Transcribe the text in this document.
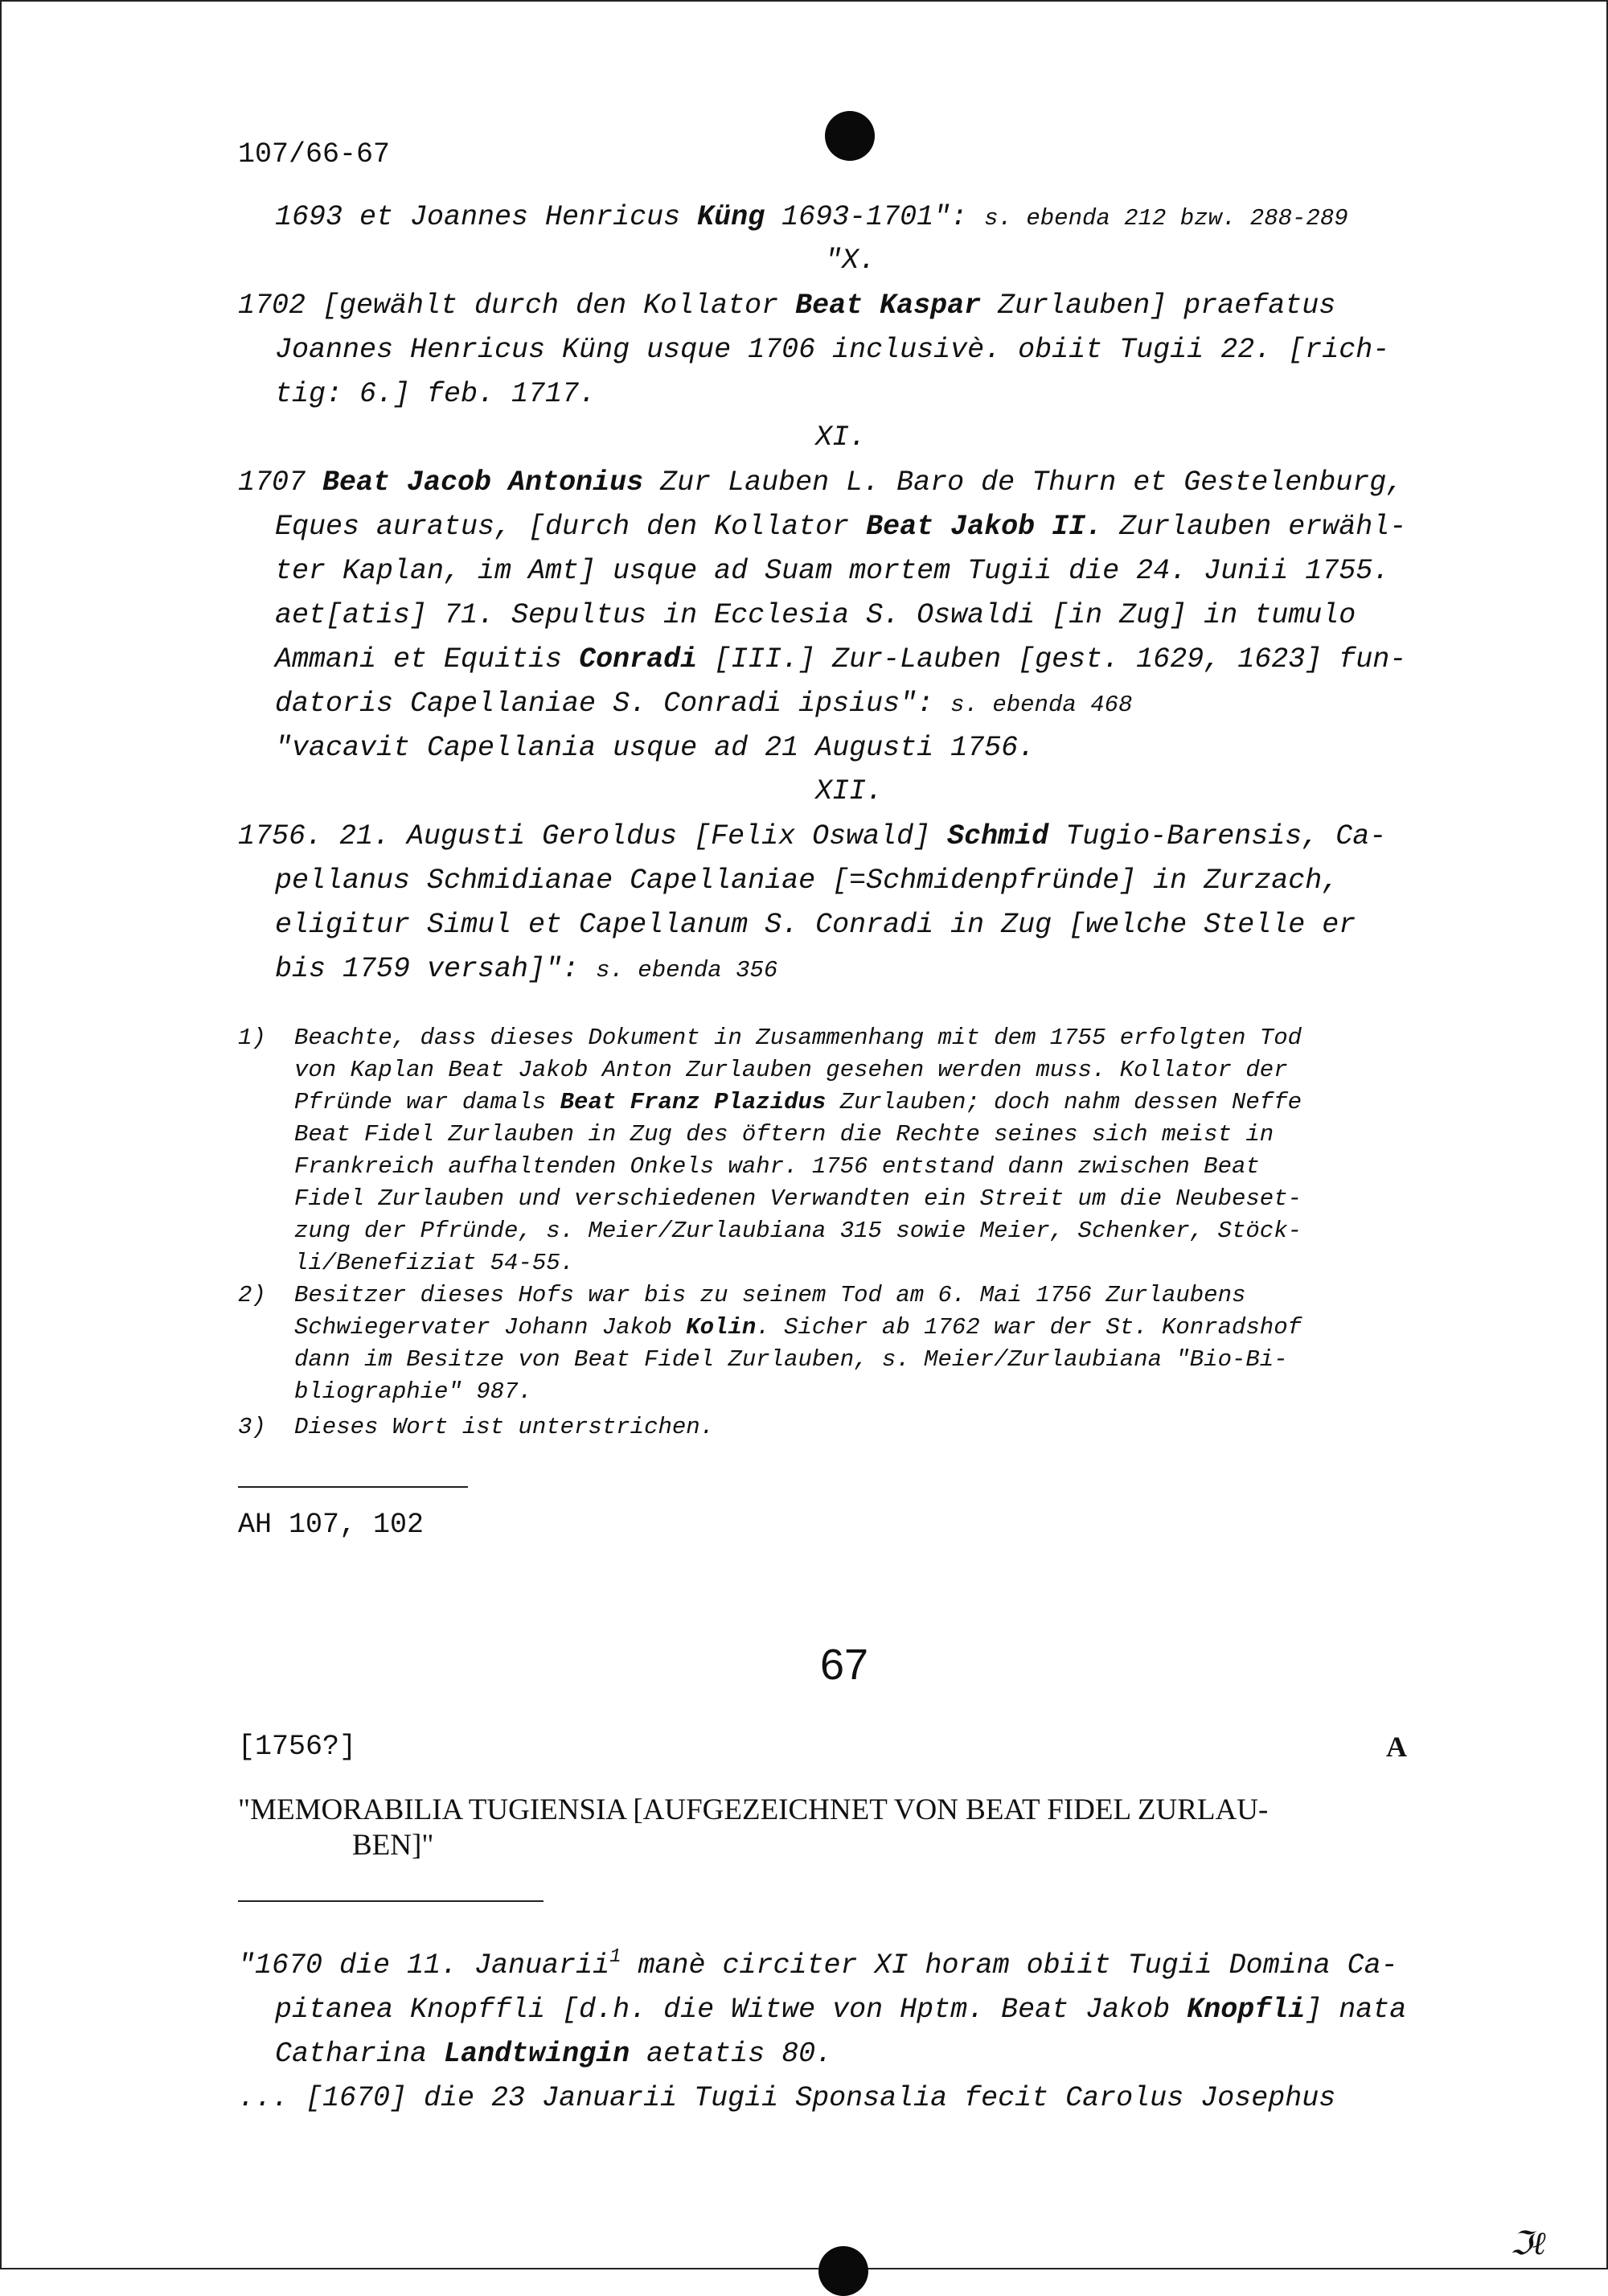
107/66-67
1693 et Joannes Henricus Küng 1693-1701": s. ebenda 212 bzw. 288-289
"X.
1702 [gewählt durch den Kollator Beat Kaspar Zurlauben] praefatus
Joannes Henricus Küng usque 1706 inclusivè. obiit Tugii 22. [rich-
tig: 6.] feb. 1717.
XI.
1707 Beat Jacob Antonius Zur Lauben L. Baro de Thurn et Gestelenburg,
Eques auratus, [durch den Kollator Beat Jakob II. Zurlauben erwähl-
ter Kaplan, im Amt] usque ad Suam mortem Tugii die 24. Junii 1755.
aet[atis] 71. Sepultus in Ecclesia S. Oswaldi [in Zug] in tumulo
Ammani et Equitis Conradi [III.] Zur-Lauben [gest. 1629, 1623] fun-
datoris Capellaniae S. Conradi ipsius": s. ebenda 468
"vacavit Capellania usque ad 21 Augusti 1756.
XII.
1756. 21. Augusti Geroldus [Felix Oswald] Schmid Tugio-Barensis, Ca-
pellanus Schmidianae Capellaniae [=Schmidenpfründe] in Zurzach,
eligitur Simul et Capellanum S. Conradi in Zug [welche Stelle er
bis 1759 versah]": s. ebenda 356
1) Beachte, dass dieses Dokument in Zusammenhang mit dem 1755 erfolgten Tod
von Kaplan Beat Jakob Anton Zurlauben gesehen werden muss. Kollator der
Pfründe war damals Beat Franz Plazidus Zurlauben; doch nahm dessen Neffe
Beat Fidel Zurlauben in Zug des öftern die Rechte seines sich meist in
Frankreich aufhaltenden Onkels wahr. 1756 entstand dann zwischen Beat
Fidel Zurlauben und verschiedenen Verwandten ein Streit um die Neubeset-
zung der Pfründe, s. Meier/Zurlaubiana 315 sowie Meier, Schenker, Stöck-
li/Benefiziat 54-55.
2) Besitzer dieses Hofs war bis zu seinem Tod am 6. Mai 1756 Zurlaubens
Schwiegervater Johann Jakob Kolin. Sicher ab 1762 war der St. Konradshof
dann im Besitze von Beat Fidel Zurlauben, s. Meier/Zurlaubiana "Bio-Bi-
bliographie" 987.
3) Dieses Wort ist unterstrichen.
AH 107, 102
67
[1756?]	A
"MEMORABILIA TUGIENSIA [AUFGEZEICHNET VON BEAT FIDEL ZURLAU-
BEN]"
"1670 die 11. Januarii$^1$ manè circiter XI horam obiit Tugii Domina Ca-
pitanea Knopffli [d.h. die Witwe von Hptm. Beat Jakob Knopfli] nata
Catharina Landtwingin aetatis 80.
... [1670] die 23 Januarii Tugii Sponsalia fecit Carolus Josephus
ℑℓ
